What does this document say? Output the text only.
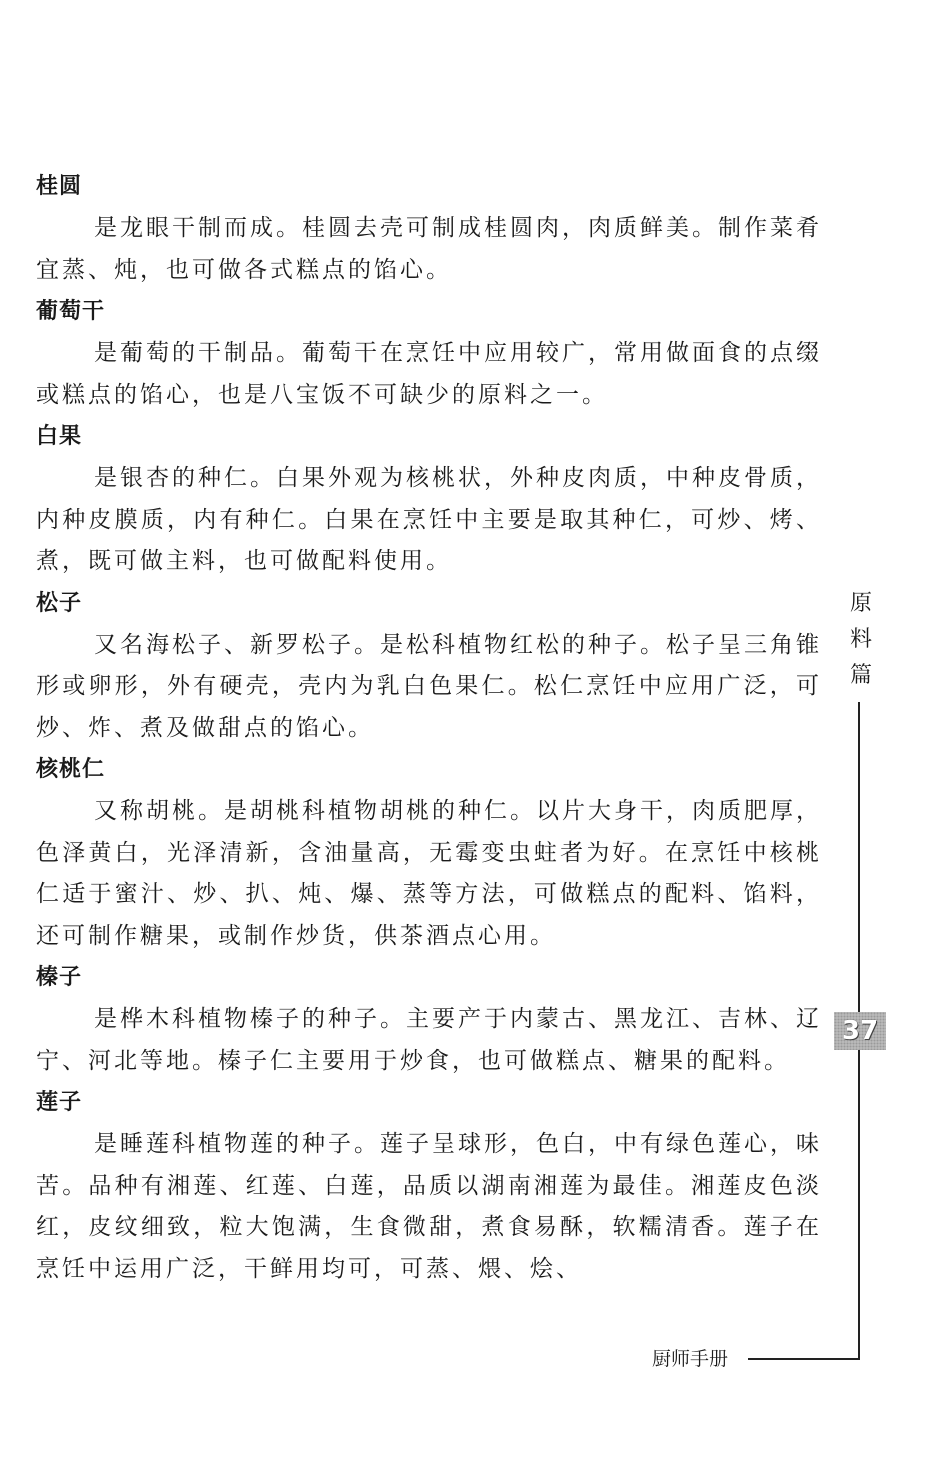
桂圆

是龙眼干制而成。桂圆去壳可制成桂圆肉，肉质鲜美。制作菜肴宜蒸、炖，也可做各式糕点的馅心。

葡萄干

是葡萄的干制品。葡萄干在烹饪中应用较广，常用做面食的点缀或糕点的馅心，也是八宝饭不可缺少的原料之一。

白果

是银杏的种仁。白果外观为核桃状，外种皮肉质，中种皮骨质，内种皮膜质，内有种仁。白果在烹饪中主要是取其种仁，可炒、烤、煮，既可做主料，也可做配料使用。

松子

又名海松子、新罗松子。是松科植物红松的种子。松子呈三角锥形或卵形，外有硬壳，壳内为乳白色果仁。松仁烹饪中应用广泛，可炒、炸、煮及做甜点的馅心。

核桃仁

又称胡桃。是胡桃科植物胡桃的种仁。以片大身干，肉质肥厚，色泽黄白，光泽清新，含油量高，无霉变虫蛀者为好。在烹饪中核桃仁适于蜜汁、炒、扒、炖、爆、蒸等方法，可做糕点的配料、馅料，还可制作糖果，或制作炒货，供茶酒点心用。

榛子

是桦木科植物榛子的种子。主要产于内蒙古、黑龙江、吉林、辽宁、河北等地。榛子仁主要用于炒食，也可做糕点、糖果的配料。

莲子

是睡莲科植物莲的种子。莲子呈球形，色白，中有绿色莲心，味苦。品种有湘莲、红莲、白莲，品质以湖南湘莲为最佳。湘莲皮色淡红，皮纹细致，粒大饱满，生食微甜，煮食易酥，软糯清香。莲子在烹饪中运用广泛，干鲜用均可，可蒸、煨、烩、

原
料
篇
37
厨师手册
